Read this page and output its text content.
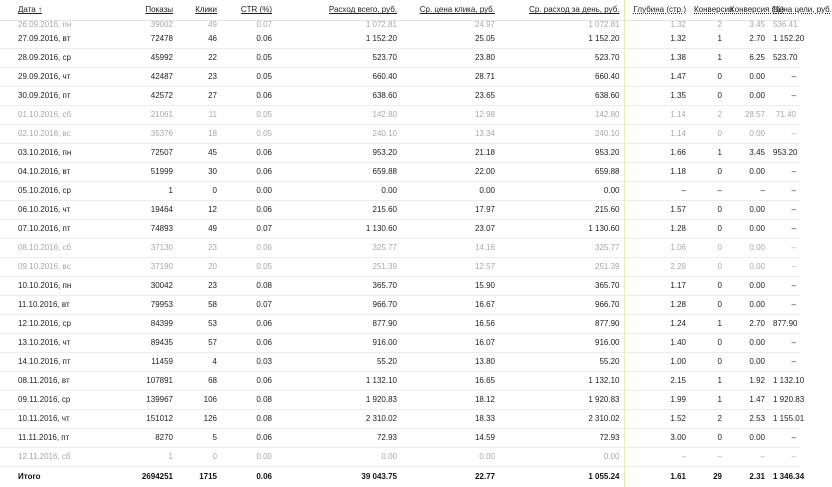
Дата ↑	Показы	Клики	CTR (%)	Расход всего, руб.	Ср. цена клика, руб.	Ср. расход за день, руб.	Глубина (стр.)	Конверсии	Конверсия (%)	Цена цели, руб.
26.09.2016, пн	39002	49	0.07	1 072.81	24.97	1 072.81	1.32	2	3.45	536.41
27.09.2016, вт	72478	46	0.06	1 152.20	25.05	1 152.20	1.32	1	2.70	1 152.20
28.09.2016, ср	45992	22	0.05	523.70	23.80	523.70	1.38	1	6.25	523.70
29.09.2016, чт	42487	23	0.05	660.40	28.71	660.40	1.47	0	0.00	–
30.09.2016, пт	42572	27	0.06	638.60	23.65	638.60	1.35	0	0.00	–
01.10.2016, сб	21061	11	0.05	142.80	12.98	142.80	1.14	2	28.57	71.40
02.10.2016, вс	35376	18	0.05	240.10	13.34	240.10	1.14	0	0.00	–
03.10.2016, пн	72507	45	0.06	953.20	21.18	953.20	1.66	1	3.45	953.20
04.10.2016, вт	51999	30	0.06	659.88	22.00	659.88	1.18	0	0.00	–
05.10.2016, ср	1	0	0.00	0.00	0.00	0.00	–	–	–	–
06.10.2016, чт	19464	12	0.06	215.60	17.97	215.60	1.57	0	0.00	–
07.10.2016, пт	74893	49	0.07	1 130.60	23.07	1 130.60	1.28	0	0.00	–
08.10.2016, сб	37130	23	0.06	325.77	14.16	325.77	1.06	0	0.00	–
09.10.2016, вс	37190	20	0.05	251.39	12.57	251.39	2.29	0	0.00	–
10.10.2016, пн	30042	23	0.08	365.70	15.90	365.70	1.17	0	0.00	–
11.10.2016, вт	79953	58	0.07	966.70	16.67	966.70	1.28	0	0.00	–
12.10.2016, ср	84399	53	0.06	877.90	16.56	877.90	1.24	1	2.70	877.90
13.10.2016, чт	89435	57	0.06	916.00	16.07	916.00	1.40	0	0.00	–
14.10.2016, пт	11459	4	0.03	55.20	13.80	55.20	1.00	0	0.00	–
08.11.2016, вт	107891	68	0.06	1 132.10	16.65	1 132.10	2.15	1	1.92	1 132.10
09.11.2016, ср	139967	106	0.08	1 920.83	18.12	1 920.83	1.99	1	1.47	1 920.83
10.11.2016, чт	151012	126	0.08	2 310.02	18.33	2 310.02	1.52	2	2.53	1 155.01
11.11.2016, пт	8270	5	0.06	72.93	14.59	72.93	3.00	0	0.00	–
12.11.2016, сб	1	0	0.00	0.00	0.00	0.00	–	–	–	–
Итого	2694251	1715	0.06	39 043.75	22.77	1 055.24	1.61	29	2.31	1 346.34
